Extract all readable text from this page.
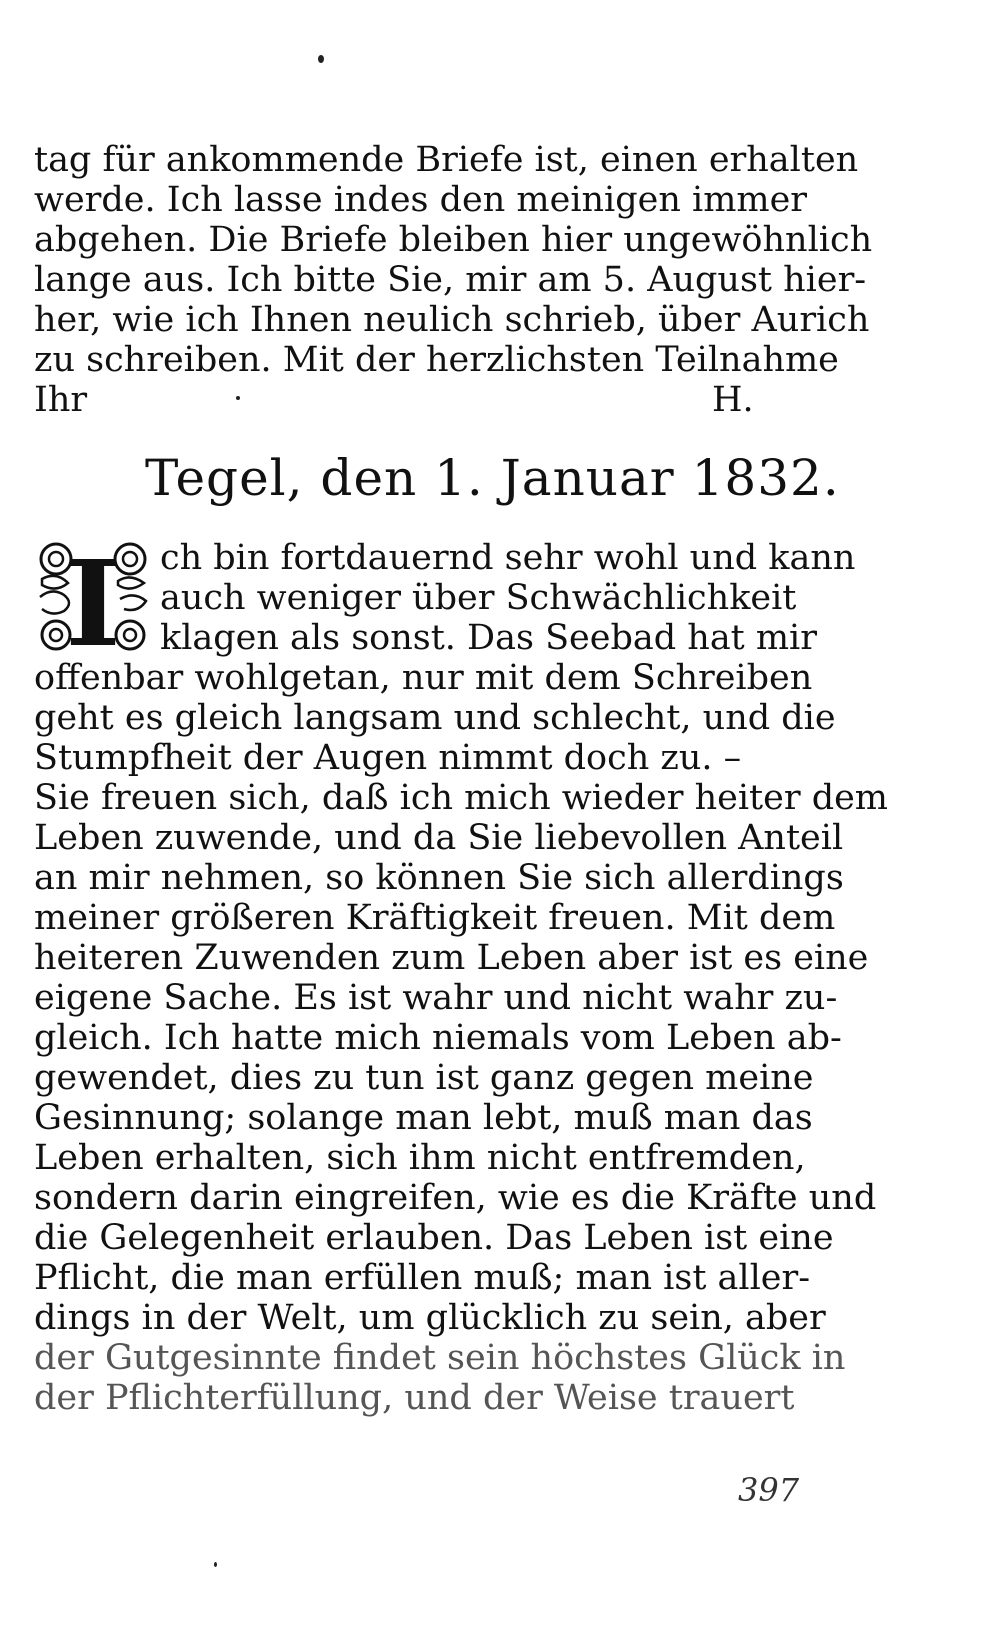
tag für ankommende Briefe ist, einen erhalten
werde. Ich lasse indes den meinigen immer
abgehen. Die Briefe bleiben hier ungewöhnlich
lange aus. Ich bitte Sie, mir am 5. August hier-
her, wie ich Ihnen neulich schrieb, über Aurich
zu schreiben. Mit der herzlichsten Teilnahme
Ihr	H.
Tegel, den 1. Januar 1832.
I ch bin fortdauernd sehr wohl und kann
auch weniger über Schwächlichkeit
klagen als sonst. Das Seebad hat mir
offenbar wohlgetan, nur mit dem Schreiben
geht es gleich langsam und schlecht, und die
Stumpfheit der Augen nimmt doch zu. –
Sie freuen sich, daß ich mich wieder heiter dem
Leben zuwende, und da Sie liebevollen Anteil
an mir nehmen, so können Sie sich allerdings
meiner größeren Kräftigkeit freuen. Mit dem
heiteren Zuwenden zum Leben aber ist es eine
eigene Sache. Es ist wahr und nicht wahr zu-
gleich. Ich hatte mich niemals vom Leben ab-
gewendet, dies zu tun ist ganz gegen meine
Gesinnung; solange man lebt, muß man das
Leben erhalten, sich ihm nicht entfremden,
sondern darin eingreifen, wie es die Kräfte und
die Gelegenheit erlauben. Das Leben ist eine
Pflicht, die man erfüllen muß; man ist aller-
dings in der Welt, um glücklich zu sein, aber
der Gutgesinnte findet sein höchstes Glück in
der Pflichterfüllung, und der Weise trauert
397
